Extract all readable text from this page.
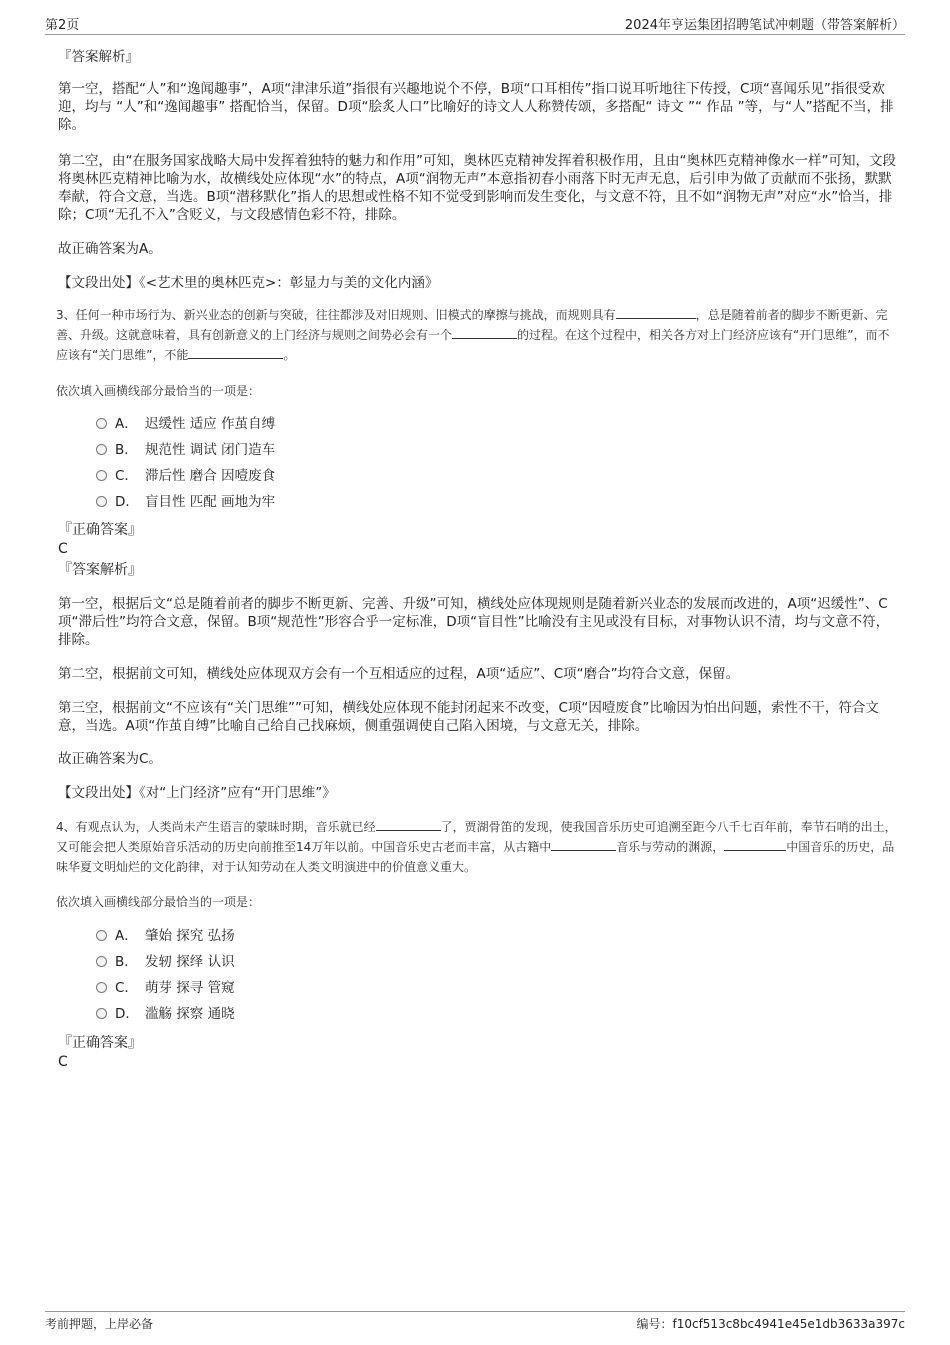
第2页	2024年亨运集团招聘笔试冲刺题（带答案解析）
『答案解析』
第一空，搭配“人”和“逸闻趣事”，A项“津津乐道”指很有兴趣地说个不停，B项“口耳相传”指口说耳听地往下传授，C项“喜闻乐见”指很受欢迎，均与 “人”和“逸闻趣事” 搭配恰当，保留。D项“脍炙人口”比喻好的诗文人人称赞传颂，多搭配“ 诗文 ”“ 作品 ”等，与“人”搭配不当，排除。
第二空，由“在服务国家战略大局中发挥着独特的魅力和作用”可知，奥林匹克精神发挥着积极作用，且由“奥林匹克精神像水一样”可知，文段将奥林匹克精神比喻为水，故横线处应体现“水”的特点，A项“润物无声”本意指初春小雨落下时无声无息，后引申为做了贡献而不张扬，默默奉献，符合文意，当选。B项“潜移默化”指人的思想或性格不知不觉受到影响而发生变化，与文意不符，且不如“润物无声”对应“水”恰当，排除；C项“无孔不入”含贬义，与文段感情色彩不符，排除。
故正确答案为A。
【文段出处】《<艺术里的奥林匹克>：彰显力与美的文化内涵》
3、任何一种市场行为、新兴业态的创新与突破，往往都涉及对旧规则、旧模式的摩擦与挑战，而规则具有	，总是随着前者的脚步不断更新、完善、升级。这就意味着，具有创新意义的上门经济与规则之间势必会有一个	的过程。在这个过程中，相关各方对上门经济应该有“开门思维”，而不应该有“关门思维”，不能	。
依次填入画横线部分最恰当的一项是：
A． 迟缓性 适应 作茧自缚
B． 规范性 调试 闭门造车
C． 滞后性 磨合 因噎废食
D． 盲目性 匹配 画地为牢
『正确答案』
C
『答案解析』
第一空，根据后文“总是随着前者的脚步不断更新、完善、升级”可知，横线处应体现规则是随着新兴业态的发展而改进的，A项“迟缓性”、C项“滞后性”均符合文意，保留。B项“规范性”形容合乎一定标准，D项“盲目性”比喻没有主见或没有目标，对事物认识不清，均与文意不符，排除。
第二空，根据前文可知，横线处应体现双方会有一个互相适应的过程，A项“适应”、C项“磨合”均符合文意，保留。
第三空，根据前文“不应该有“关门思维””可知，横线处应体现不能封闭起来不改变，C项“因噎废食”比喻因为怕出问题，索性不干，符合文意，当选。A项“作茧自缚”比喻自己给自己找麻烦，侧重强调使自己陷入困境，与文意无关，排除。
故正确答案为C。
【文段出处】《对“上门经济”应有“开门思维”》
4、有观点认为，人类尚未产生语言的蒙昧时期，音乐就已经	了，贾湖骨笛的发现，使我国音乐历史可追溯至距今八千七百年前，奉节石哨的出土，又可能会把人类原始音乐活动的历史向前推至14万年以前。中国音乐史古老而丰富，从古籍中	音乐与劳动的渊源，	中国音乐的历史，品味华夏文明灿烂的文化韵律，对于认知劳动在人类文明演进中的价值意义重大。
依次填入画横线部分最恰当的一项是：
A． 肇始 探究 弘扬
B． 发轫 探绎 认识
C． 萌芽 探寻 管窥
D． 滥觞 探察 通晓
『正确答案』
C
考前押题，上岸必备	编号：f10cf513c8bc4941e45e1db3633a397c
